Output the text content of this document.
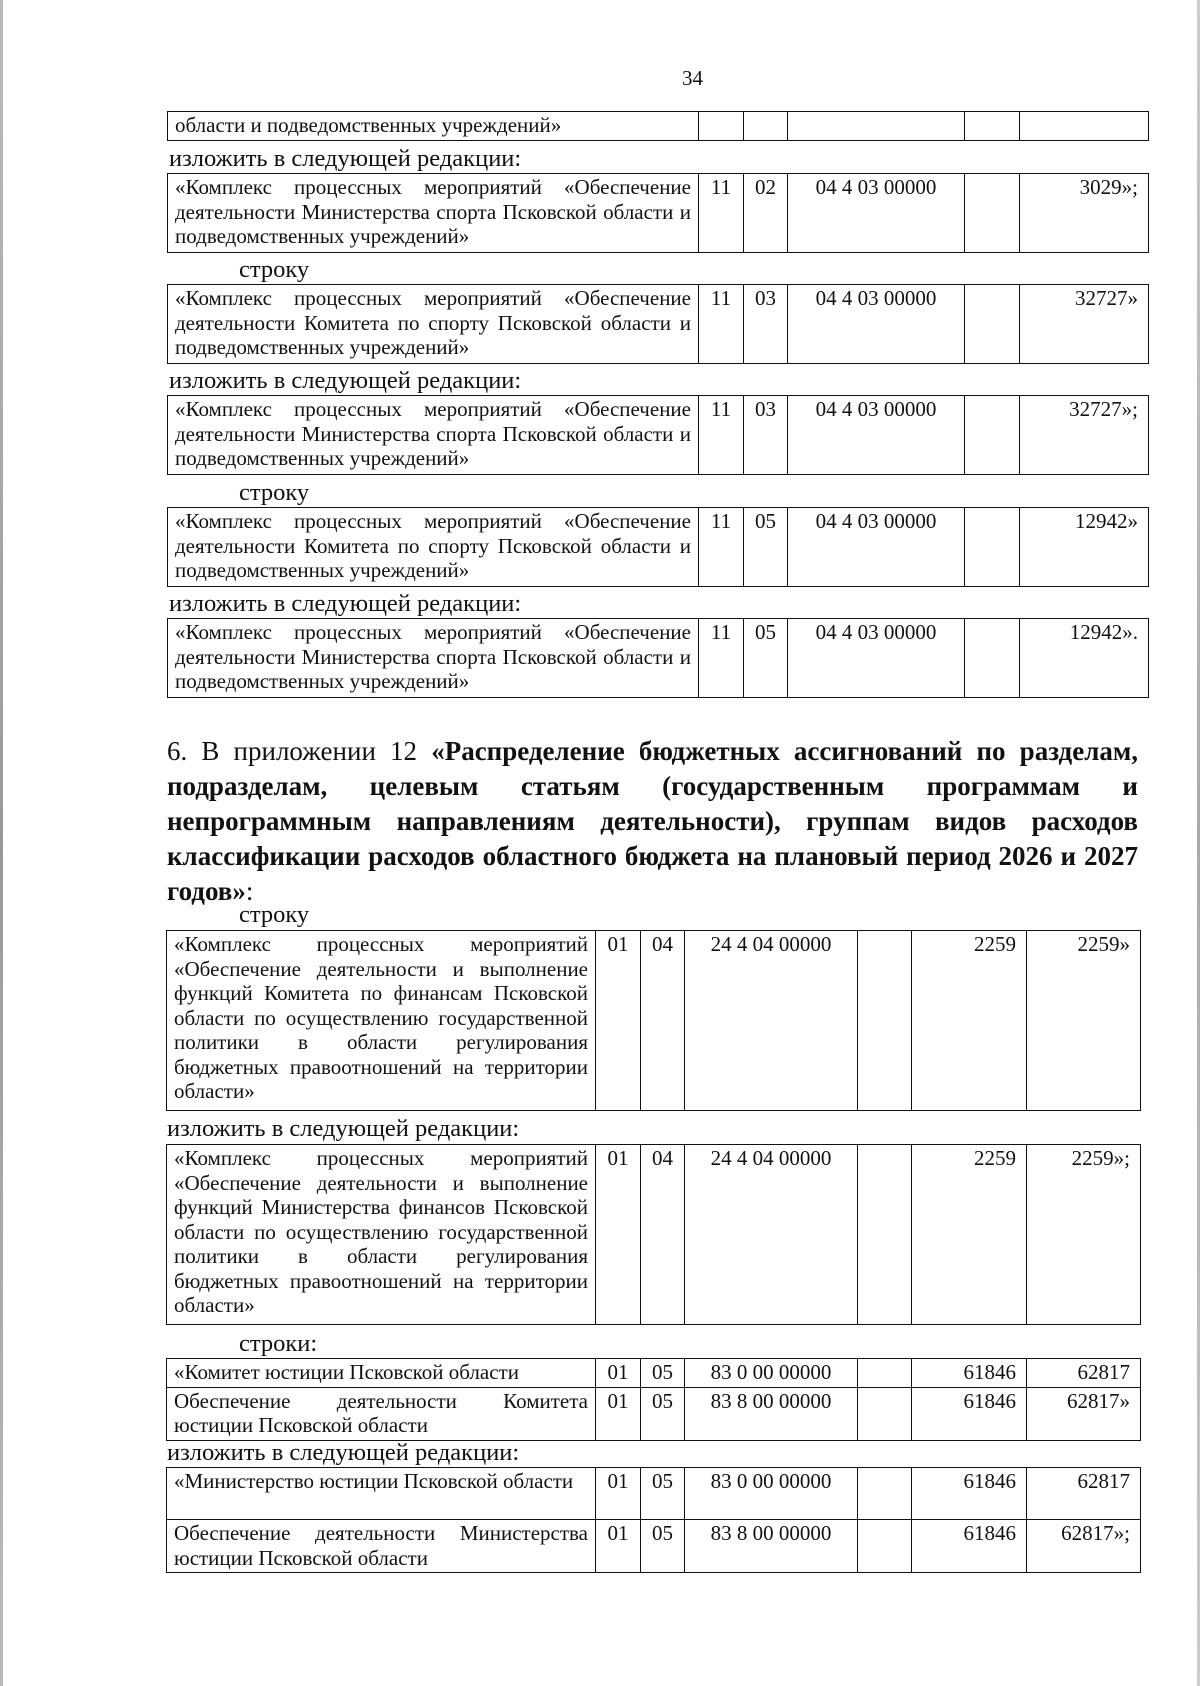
34
области и подведомственных учреждений»					
изложить в следующей редакции:
«Комплекс процессных мероприятий «Обеспечение деятельности Министерства спорта Псковской области и подведомственных учреждений»	11	02	04 4 03 00000		3029»;
строку
«Комплекс процессных мероприятий «Обеспечение деятельности Комитета по спорту Псковской области и подведомственных учреждений»	11	03	04 4 03 00000		32727»
изложить в следующей редакции:
«Комплекс процессных мероприятий «Обеспечение деятельности Министерства спорта Псковской области и подведомственных учреждений»	11	03	04 4 03 00000		32727»;
строку
«Комплекс процессных мероприятий «Обеспечение деятельности Комитета по спорту Псковской области и подведомственных учреждений»	11	05	04 4 03 00000		12942»
изложить в следующей редакции:
«Комплекс процессных мероприятий «Обеспечение деятельности Министерства спорта Псковской области и подведомственных учреждений»	11	05	04 4 03 00000		12942».
6. В приложении 12 «Распределение бюджетных ассигнований по разделам, подразделам, целевым статьям (государственным программам и непрограммным направлениям деятельности), группам видов расходов классификации расходов областного бюджета на плановый период 2026 и 2027 годов»:
строку
«Комплекс процессных мероприятий «Обеспечение деятельности и выполнение функций Комитета по финансам Псковской области по осуществлению государственной политики в области регулирования бюджетных правоотношений на территории области»	01	04	24 4 04 00000		2259	2259»
изложить в следующей редакции:
«Комплекс процессных мероприятий «Обеспечение деятельности и выполнение функций Министерства финансов Псковской области по осуществлению государственной политики в области регулирования бюджетных правоотношений на территории области»	01	04	24 4 04 00000		2259	2259»;
строки:
«Комитет юстиции Псковской области	01	05	83 0 00 00000		61846	62817
Обеспечение деятельности Комитета юстиции Псковской области	01	05	83 8 00 00000		61846	62817»
изложить в следующей редакции:
«Министерство юстиции Псковской области	01	05	83 0 00 00000		61846	62817
Обеспечение деятельности Министерства юстиции Псковской области	01	05	83 8 00 00000		61846	62817»;
